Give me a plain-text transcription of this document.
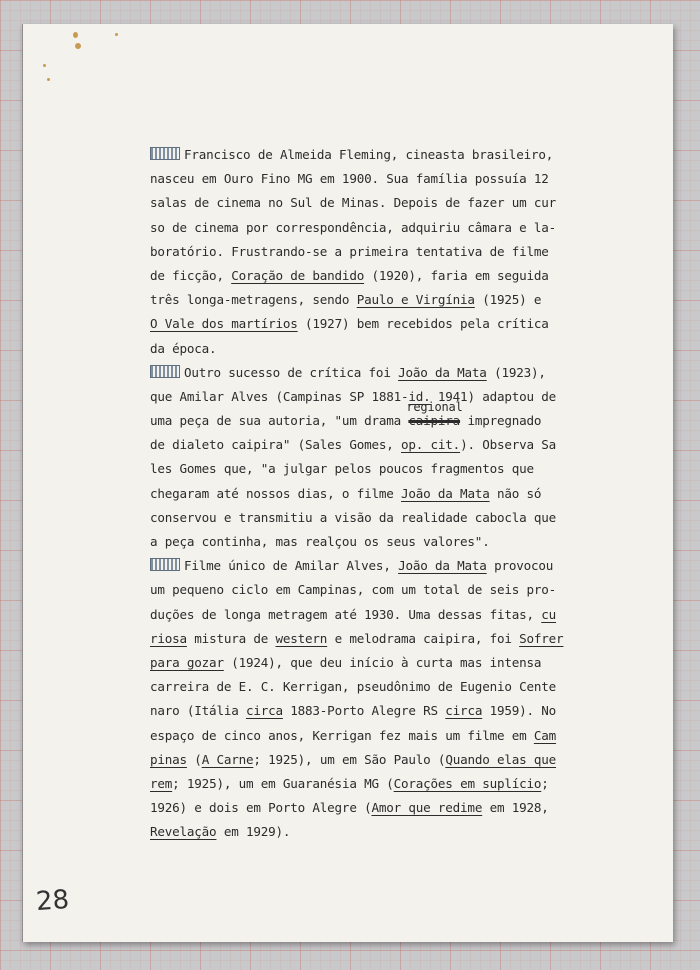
Francisco de Almeida Fleming, cineasta brasileiro,
nasceu em Ouro Fino MG em 1900. Sua família possuía 12
salas de cinema no Sul de Minas. Depois de fazer um cur
so de cinema por correspondência, adquiriu câmara e la-
boratório. Frustrando-se a primeira tentativa de filme
de ficção, Coração de bandido (1920), faria em seguida
três longa-metragens, sendo Paulo e Virgínia (1925) e
O Vale dos martírios (1927) bem recebidos pela crítica
da época.
Outro sucesso de crítica foi João da Mata (1923),
que Amilar Alves (Campinas SP 1881-id. 1941) adaptou de
uma peça de sua autoria, "um drama caipira
regional
impregnado
de dialeto caipira" (Sales Gomes, op. cit.). Observa Sa
les Gomes que, "a julgar pelos poucos fragmentos que
chegaram até nossos dias, o filme João da Mata não só
conservou e transmitiu a visão da realidade cabocla que
a peça continha, mas realçou os seus valores".
Filme único de Amilar Alves, João da Mata provocou
um pequeno ciclo em Campinas, com um total de seis pro-
duções de longa metragem até 1930. Uma dessas fitas, cu
riosa mistura de western e melodrama caipira, foi Sofrer
para gozar (1924), que deu início à curta mas intensa
carreira de E. C. Kerrigan, pseudônimo de Eugenio Cente
naro (Itália circa 1883-Porto Alegre RS circa 1959). No
espaço de cinco anos, Kerrigan fez mais um filme em Cam
pinas (A Carne; 1925), um em São Paulo (Quando elas que
rem; 1925), um em Guaranésia MG (Corações em suplício;
1926) e dois em Porto Alegre (Amor que redime em 1928,
Revelação em 1929).
28
